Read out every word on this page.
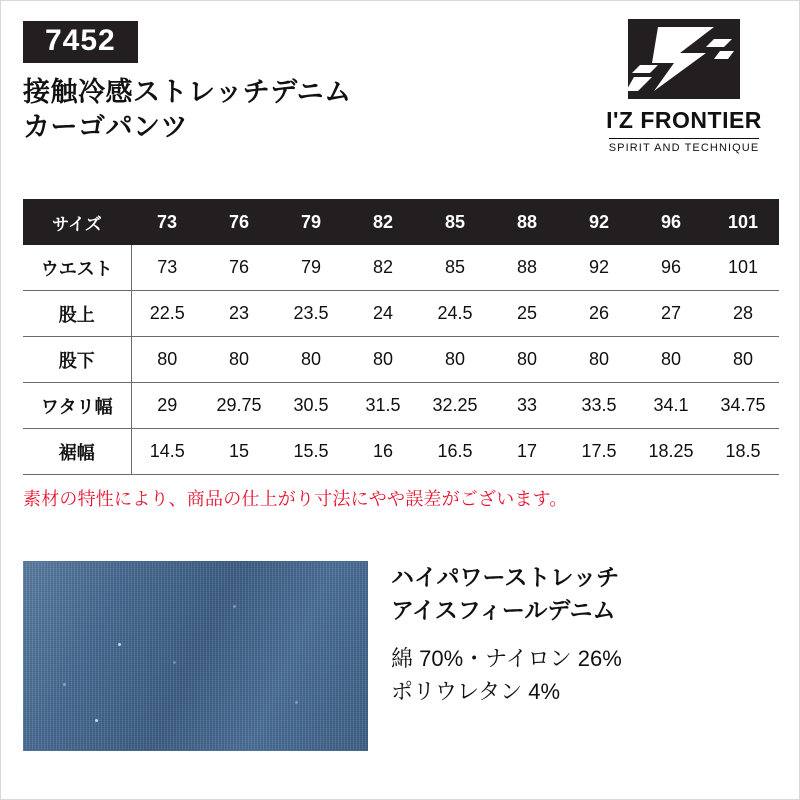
7452
接触冷感ストレッチデニム
カーゴパンツ	I'Z FRONTIER
SPIRIT AND TECHNIQUE
サイズ	73	76	79	82	85	88	92	96	101
ウエスト	73	76	79	82	85	88	92	96	101
股上	22.5	23	23.5	24	24.5	25	26	27	28
股下	80	80	80	80	80	80	80	80	80
ワタリ幅	29	29.75	30.5	31.5	32.25	33	33.5	34.1	34.75
裾幅	14.5	15	15.5	16	16.5	17	17.5	18.25	18.5
素材の特性により、商品の仕上がり寸法にやや誤差がございます。
ハイパワーストレッチ
アイスフィールデニム
綿 70%・ナイロン 26%
ポリウレタン 4%
